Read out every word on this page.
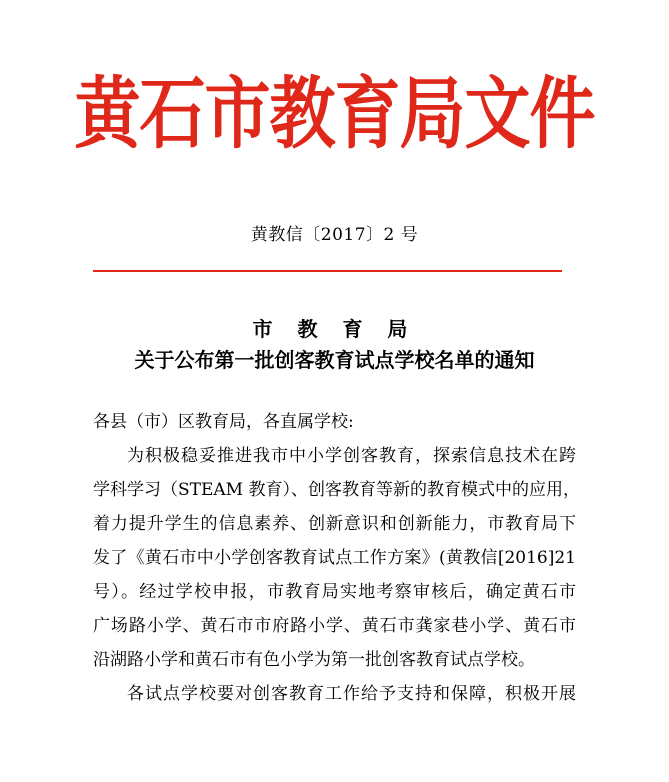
黄石市教育局文件
黄教信〔2017〕2 号
市 教 育 局
关于公布第一批创客教育试点学校名单的通知
各县（市）区教育局，各直属学校:
为积极稳妥推进我市中小学创客教育，探索信息技术在跨
学科学习（STEAM 教育）、创客教育等新的教育模式中的应用，
着力提升学生的信息素养、创新意识和创新能力，市教育局下
发了《黄石市中小学创客教育试点工作方案》(黄教信[2016]21
号）。经过学校申报，市教育局实地考察审核后，确定黄石市
广场路小学、黄石市市府路小学、黄石市龚家巷小学、黄石市
沿湖路小学和黄石市有色小学为第一批创客教育试点学校。
各试点学校要对创客教育工作给予支持和保障，积极开展
